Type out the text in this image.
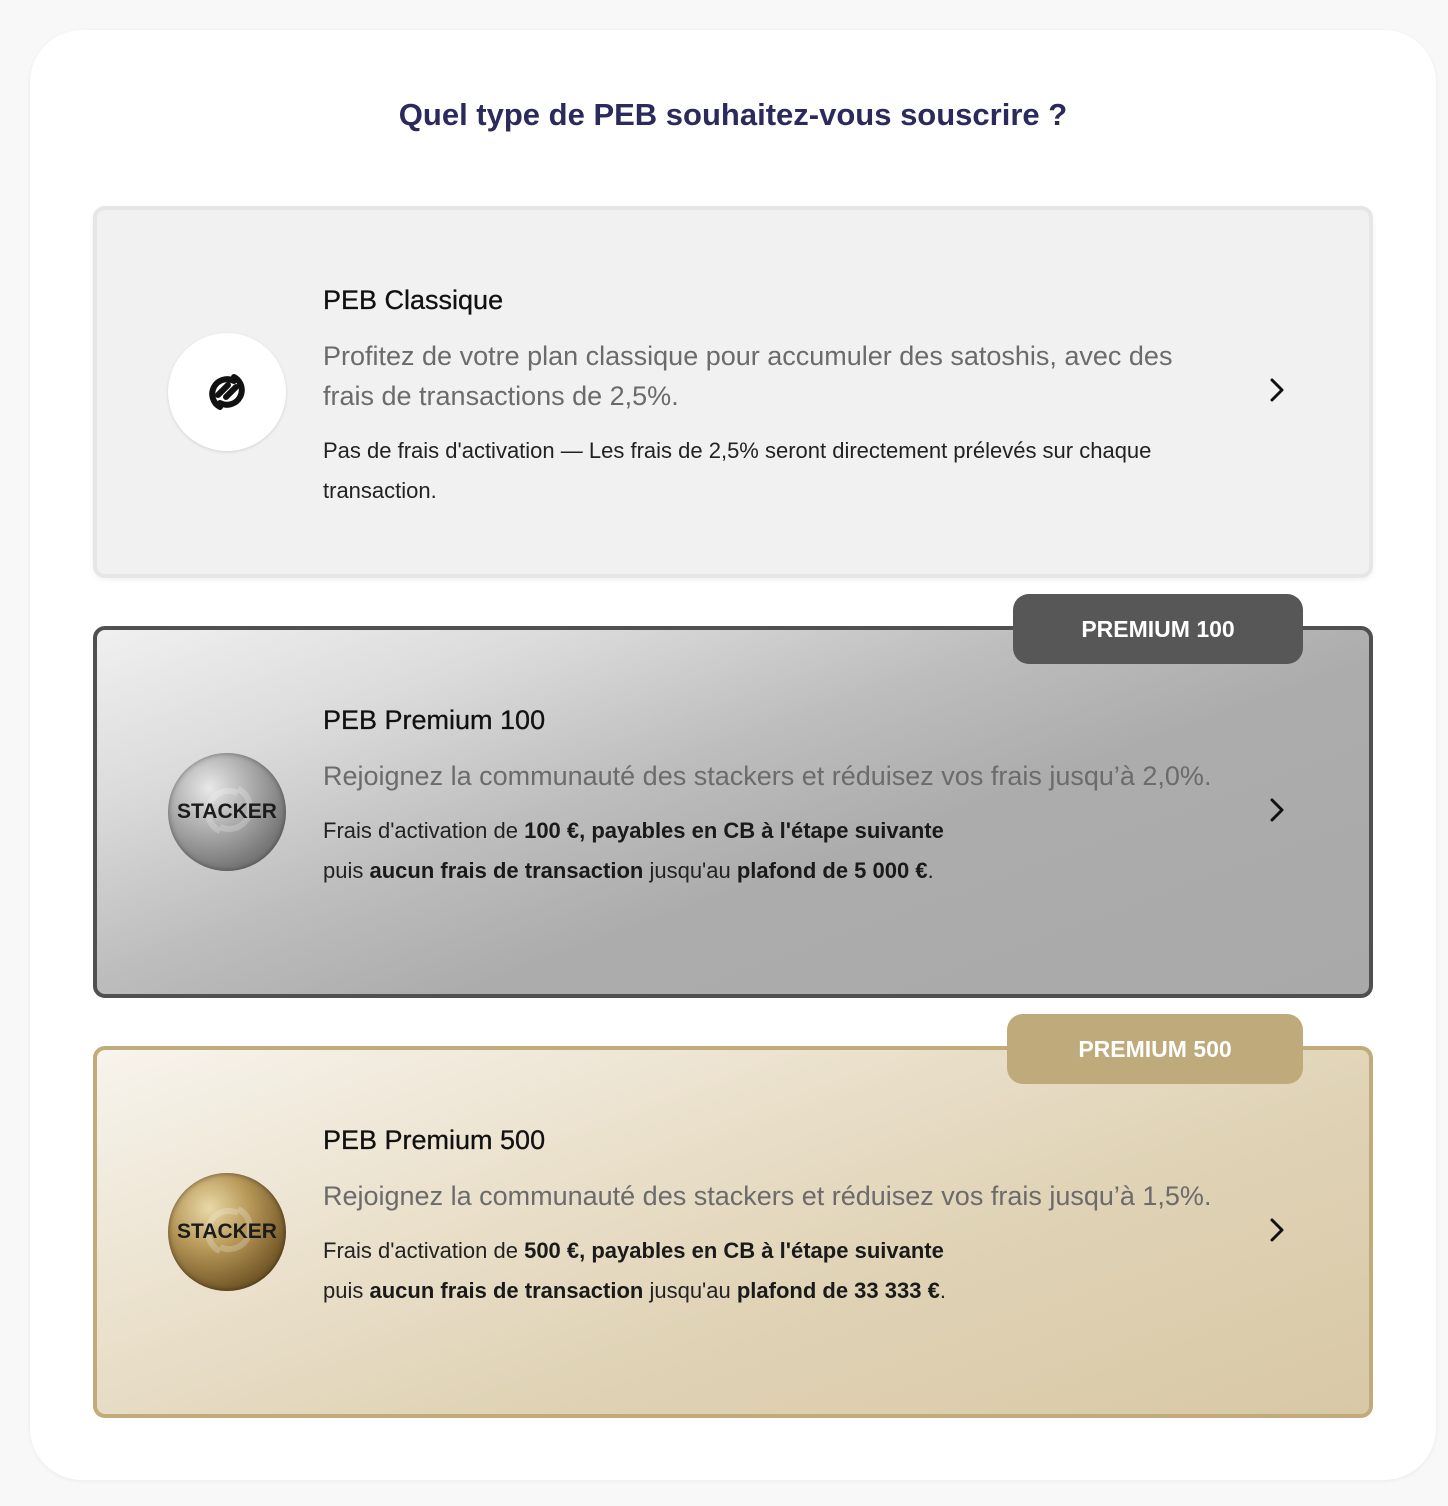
Quel type de PEB souhaitez-vous souscrire ?
PEB Classique

Profitez de votre plan classique pour accumuler des satoshis, avec des frais de transactions de 2,5%.

Pas de frais d'activation — Les frais de 2,5% seront directement prélevés sur chaque transaction.

PREMIUM 100
STACKER
PEB Premium 100

Rejoignez la communauté des stackers et réduisez vos frais jusqu’à 2,0%.

Frais d'activation de 100 €, payables en CB à l'étape suivante
puis aucun frais de transaction jusqu'au plafond de 5 000 €.

PREMIUM 500
STACKER
PEB Premium 500

Rejoignez la communauté des stackers et réduisez vos frais jusqu’à 1,5%.

Frais d'activation de 500 €, payables en CB à l'étape suivante
puis aucun frais de transaction jusqu'au plafond de 33 333 €.
